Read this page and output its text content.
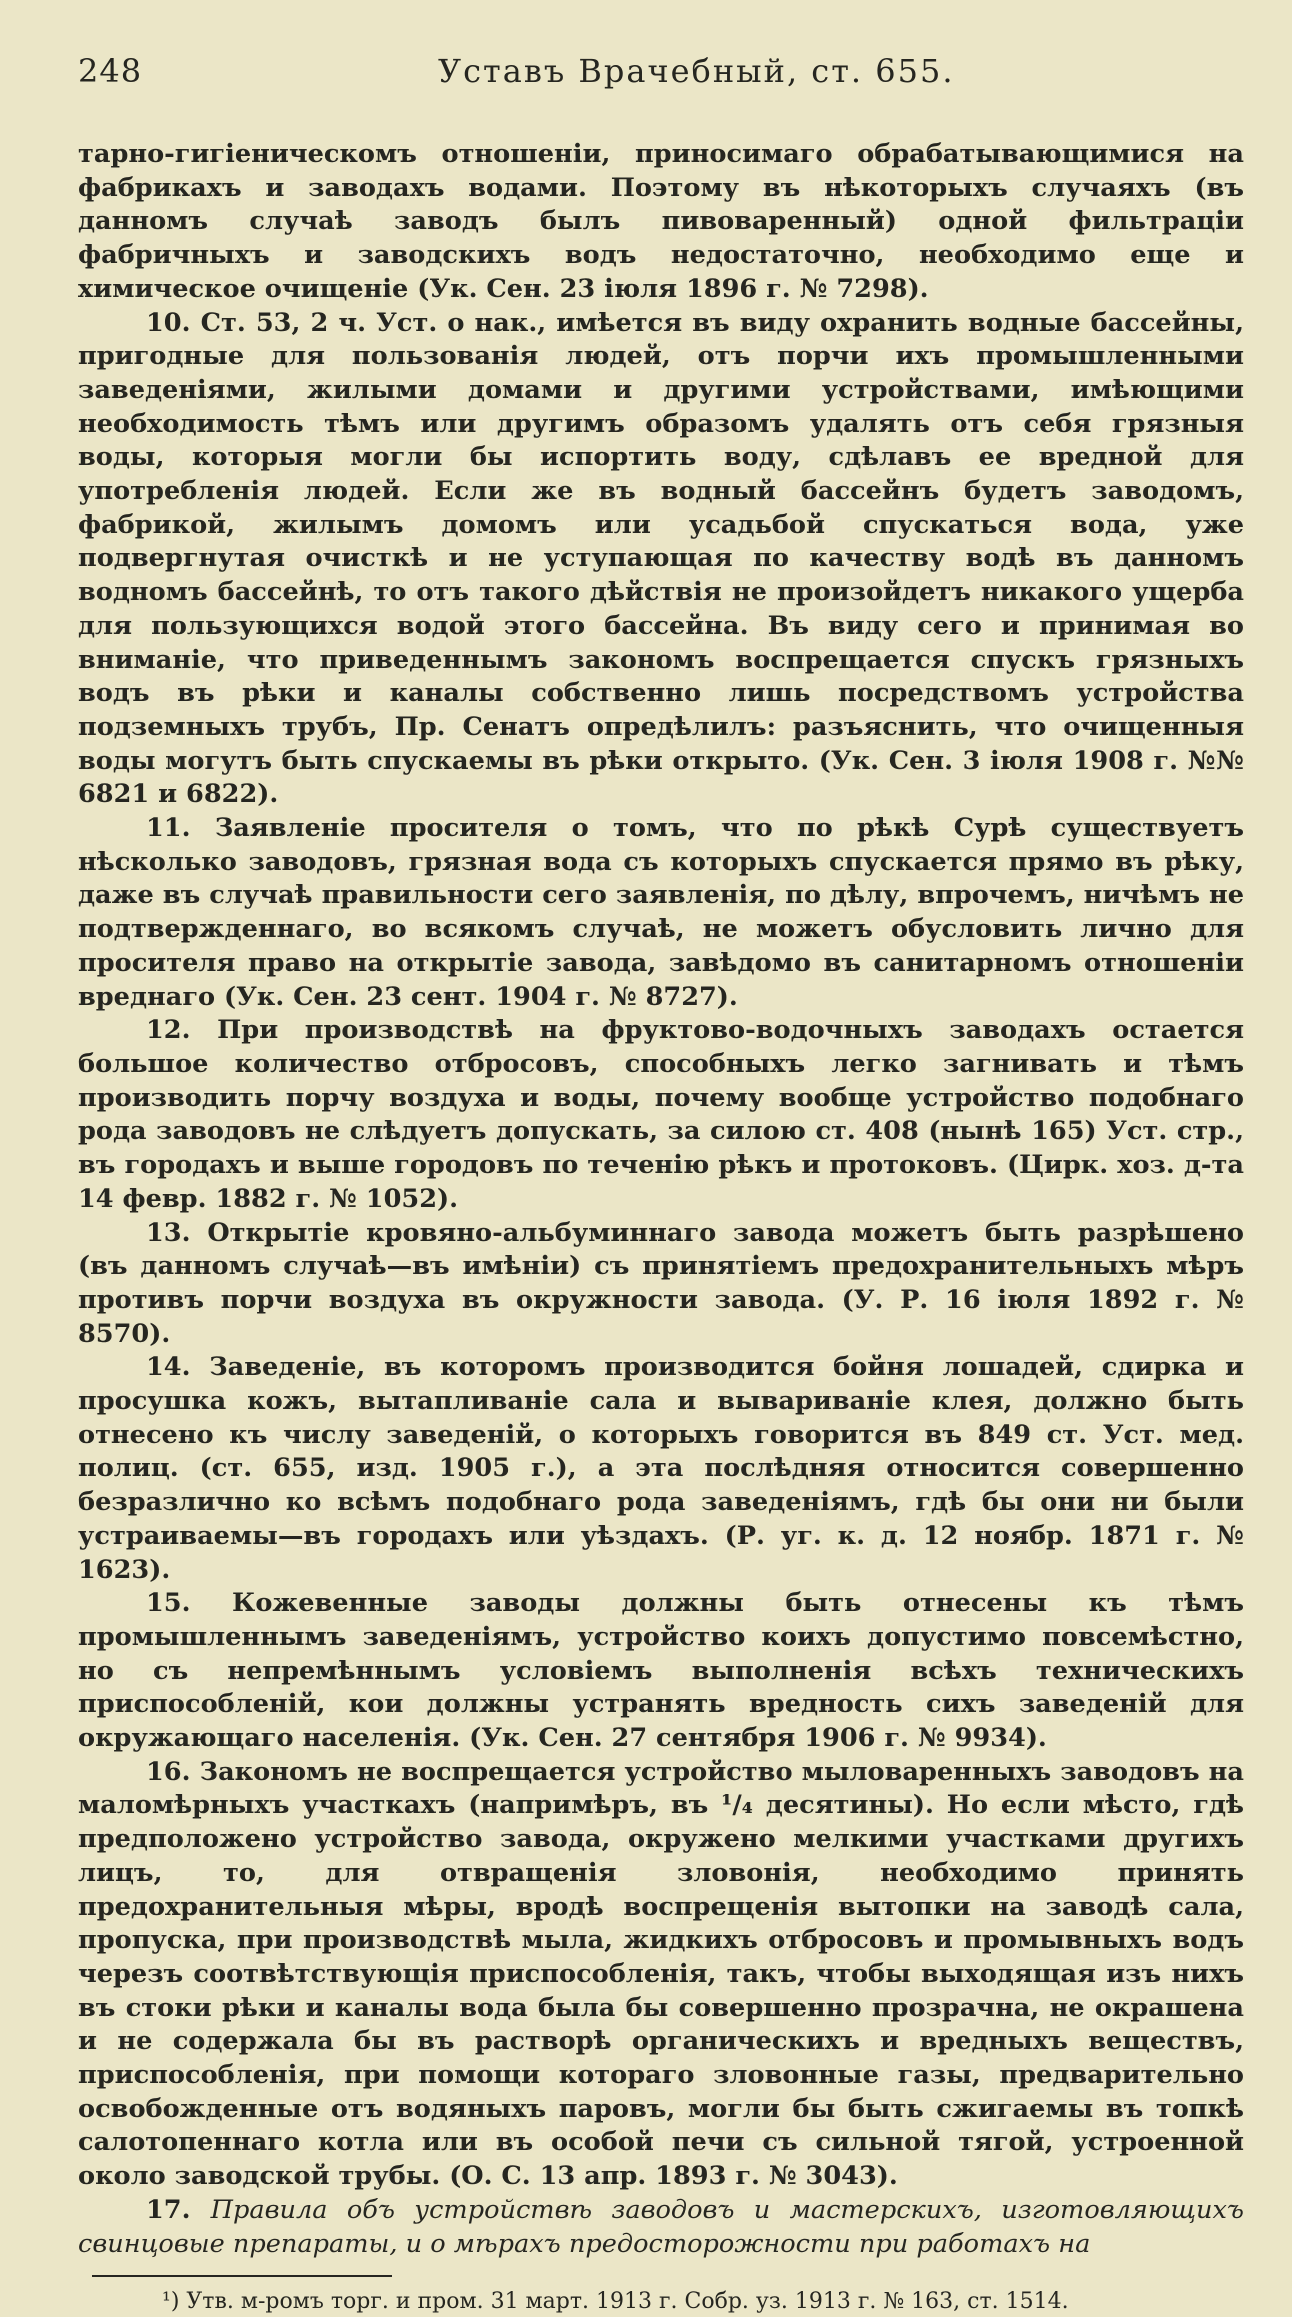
248	Уставъ Врачебный, ст. 655.

тарно-гигіеническомъ отношеніи, приносимаго обрабатывающимися на фабрикахъ и заводахъ водами. Поэтому въ нѣкоторыхъ случаяхъ (въ данномъ случаѣ заводъ былъ пивоваренный) одной фильтраціи фабричныхъ и заводскихъ водъ недостаточно, необходимо еще и химическое очищеніе (Ук. Сен. 23 іюля 1896 г. № 7298).

10. Ст. 53, 2 ч. Уст. о нак., имѣется въ виду охранить водные бассейны, пригодные для пользованія людей, отъ порчи ихъ промышленными заведеніями, жилыми домами и другими устройствами, имѣющими необходимость тѣмъ или другимъ образомъ удалять отъ себя грязныя воды, которыя могли бы испортить воду, сдѣлавъ ее вредной для употребленія людей. Если же въ водный бассейнъ будетъ заводомъ, фабрикой, жилымъ домомъ или усадьбой спускаться вода, уже подвергнутая очисткѣ и не уступающая по качеству водѣ въ данномъ водномъ бассейнѣ, то отъ такого дѣйствія не произойдетъ никакого ущерба для пользующихся водой этого бассейна. Въ виду сего и принимая во вниманіе, что приведеннымъ закономъ воспрещается спускъ грязныхъ водъ въ рѣки и каналы собственно лишь посредствомъ устройства подземныхъ трубъ, Пр. Сенатъ опредѣлилъ: разъяснить, что очищенныя воды могутъ быть спускаемы въ рѣки открыто. (Ук. Сен. 3 іюля 1908 г. №№ 6821 и 6822).

11. Заявленіе просителя о томъ, что по рѣкѣ Сурѣ существуетъ нѣсколько заводовъ, грязная вода съ которыхъ спускается прямо въ рѣку, даже въ случаѣ правильности сего заявленія, по дѣлу, впрочемъ, ничѣмъ не подтвержденнаго, во всякомъ случаѣ, не можетъ обусловить лично для просителя право на открытіе завода, завѣдомо въ санитарномъ отношеніи вреднаго (Ук. Сен. 23 сент. 1904 г. № 8727).

12. При производствѣ на фруктово-водочныхъ заводахъ остается большое количество отбросовъ, способныхъ легко загнивать и тѣмъ производить порчу воздуха и воды, почему вообще устройство подобнаго рода заводовъ не слѣдуетъ допускать, за силою ст. 408 (нынѣ 165) Уст. стр., въ городахъ и выше городовъ по теченію рѣкъ и протоковъ. (Цирк. хоз. д-та 14 февр. 1882 г. № 1052).

13. Открытіе кровяно-альбуминнаго завода можетъ быть разрѣшено (въ данномъ случаѣ—въ имѣніи) съ принятіемъ предохранительныхъ мѣръ противъ порчи воздуха въ окружности завода. (У. Р. 16 іюля 1892 г. № 8570).

14. Заведеніе, въ которомъ производится бойня лошадей, сдирка и просушка кожъ, вытапливаніе сала и вывариваніе клея, должно быть отнесено къ числу заведеній, о которыхъ говорится въ 849 ст. Уст. мед. полиц. (ст. 655, изд. 1905 г.), а эта послѣдняя относится совершенно безразлично ко всѣмъ подобнаго рода заведеніямъ, гдѣ бы они ни были устраиваемы—въ городахъ или уѣздахъ. (Р. уг. к. д. 12 ноябр. 1871 г. № 1623).

15. Кожевенные заводы должны быть отнесены къ тѣмъ промышленнымъ заведеніямъ, устройство коихъ допустимо повсемѣстно, но съ непремѣннымъ условіемъ выполненія всѣхъ техническихъ приспособленій, кои должны устранять вредность сихъ заведеній для окружающаго населенія. (Ук. Сен. 27 сентября 1906 г. № 9934).

16. Закономъ не воспрещается устройство мыловаренныхъ заводовъ на маломѣрныхъ участкахъ (напримѣръ, въ ¹/₄ десятины). Но если мѣсто, гдѣ предположено устройство завода, окружено мелкими участками другихъ лицъ, то, для отвращенія зловонія, необходимо принять предохранительныя мѣры, вродѣ воспрещенія вытопки на заводѣ сала, пропуска, при производствѣ мыла, жидкихъ отбросовъ и промывныхъ водъ черезъ соотвѣтствующія приспособленія, такъ, чтобы выходящая изъ нихъ въ стоки рѣки и каналы вода была бы совершенно прозрачна, не окрашена и не содержала бы въ растворѣ органическихъ и вредныхъ веществъ, приспособленія, при помощи котораго зловонные газы, предварительно освобожденные отъ водяныхъ паровъ, могли бы быть сжигаемы въ топкѣ салотопеннаго котла или въ особой печи съ сильной тягой, устроенной около заводской трубы. (О. С. 13 апр. 1893 г. № 3043).

17. Правила объ устройствѣ заводовъ и мастерскихъ, изготовляющихъ свинцовые препараты, и о мѣрахъ предосторожности при работахъ на

¹) Утв. м-ромъ торг. и пром. 31 март. 1913 г. Собр. уз. 1913 г. № 163, ст. 1514.
